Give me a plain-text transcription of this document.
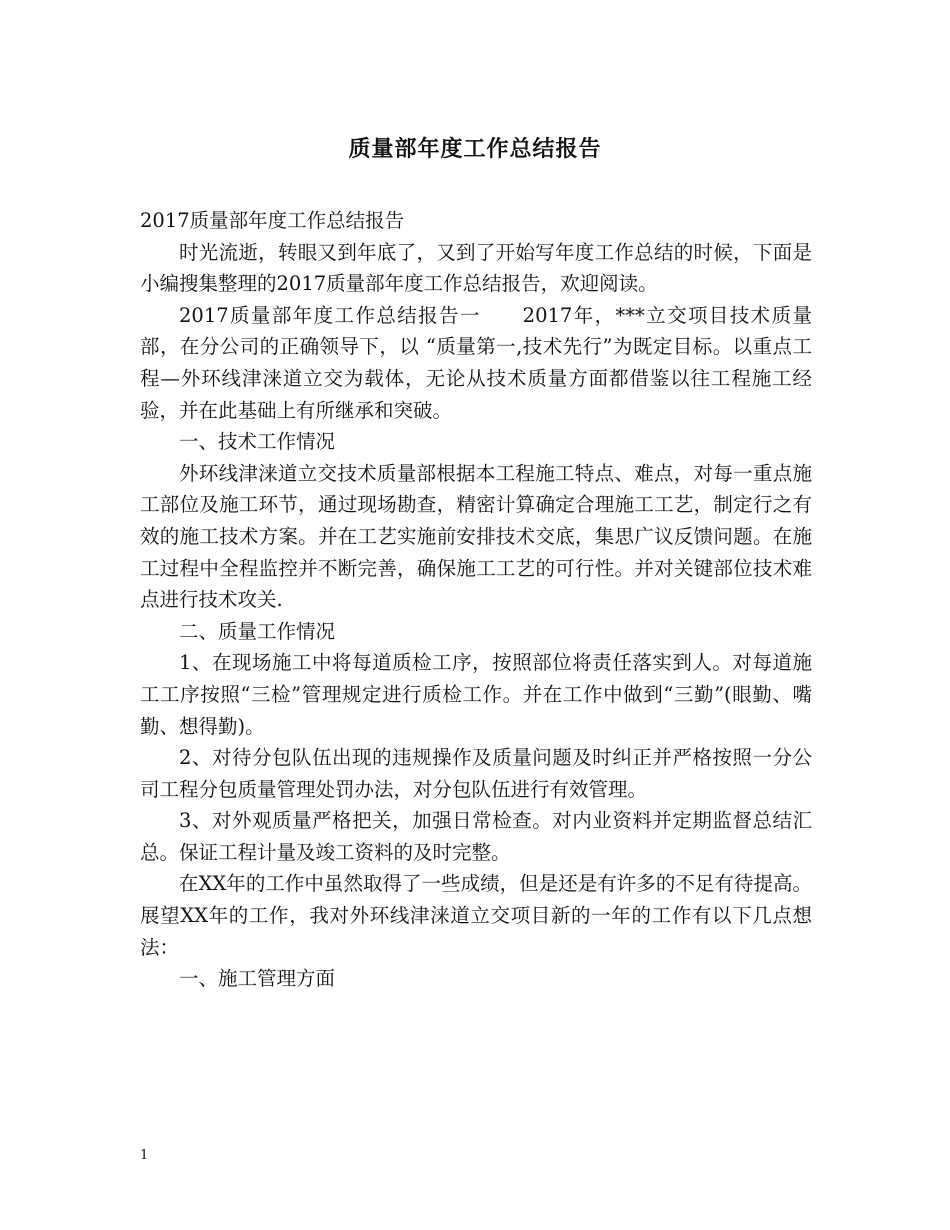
质量部年度工作总结报告

2017质量部年度工作总结报告

时光流逝，转眼又到年底了，又到了开始写年度工作总结的时候，下面是小编搜集整理的2017质量部年度工作总结报告，欢迎阅读。

2017质量部年度工作总结报告一　　2017年，***立交项目技术质量部，在分公司的正确领导下，以 “质量第一,技术先行”为既定目标。以重点工程—外环线津涞道立交为载体，无论从技术质量方面都借鉴以往工程施工经验，并在此基础上有所继承和突破。

一、技术工作情况

外环线津涞道立交技术质量部根据本工程施工特点、难点，对每一重点施工部位及施工环节，通过现场勘查，精密计算确定合理施工工艺，制定行之有效的施工技术方案。并在工艺实施前安排技术交底，集思广议反馈问题。在施工过程中全程监控并不断完善，确保施工工艺的可行性。并对关键部位技术难点进行技术攻关.

二、质量工作情况

1、在现场施工中将每道质检工序，按照部位将责任落实到人。对每道施工工序按照“三检”管理规定进行质检工作。并在工作中做到“三勤”(眼勤、嘴勤、想得勤)。

2、对待分包队伍出现的违规操作及质量问题及时纠正并严格按照一分公司工程分包质量管理处罚办法，对分包队伍进行有效管理。

3、对外观质量严格把关，加强日常检查。对内业资料并定期监督总结汇总。保证工程计量及竣工资料的及时完整。

在XX年的工作中虽然取得了一些成绩，但是还是有许多的不足有待提高。展望XX年的工作，我对外环线津涞道立交项目新的一年的工作有以下几点想法：

一、施工管理方面

1
